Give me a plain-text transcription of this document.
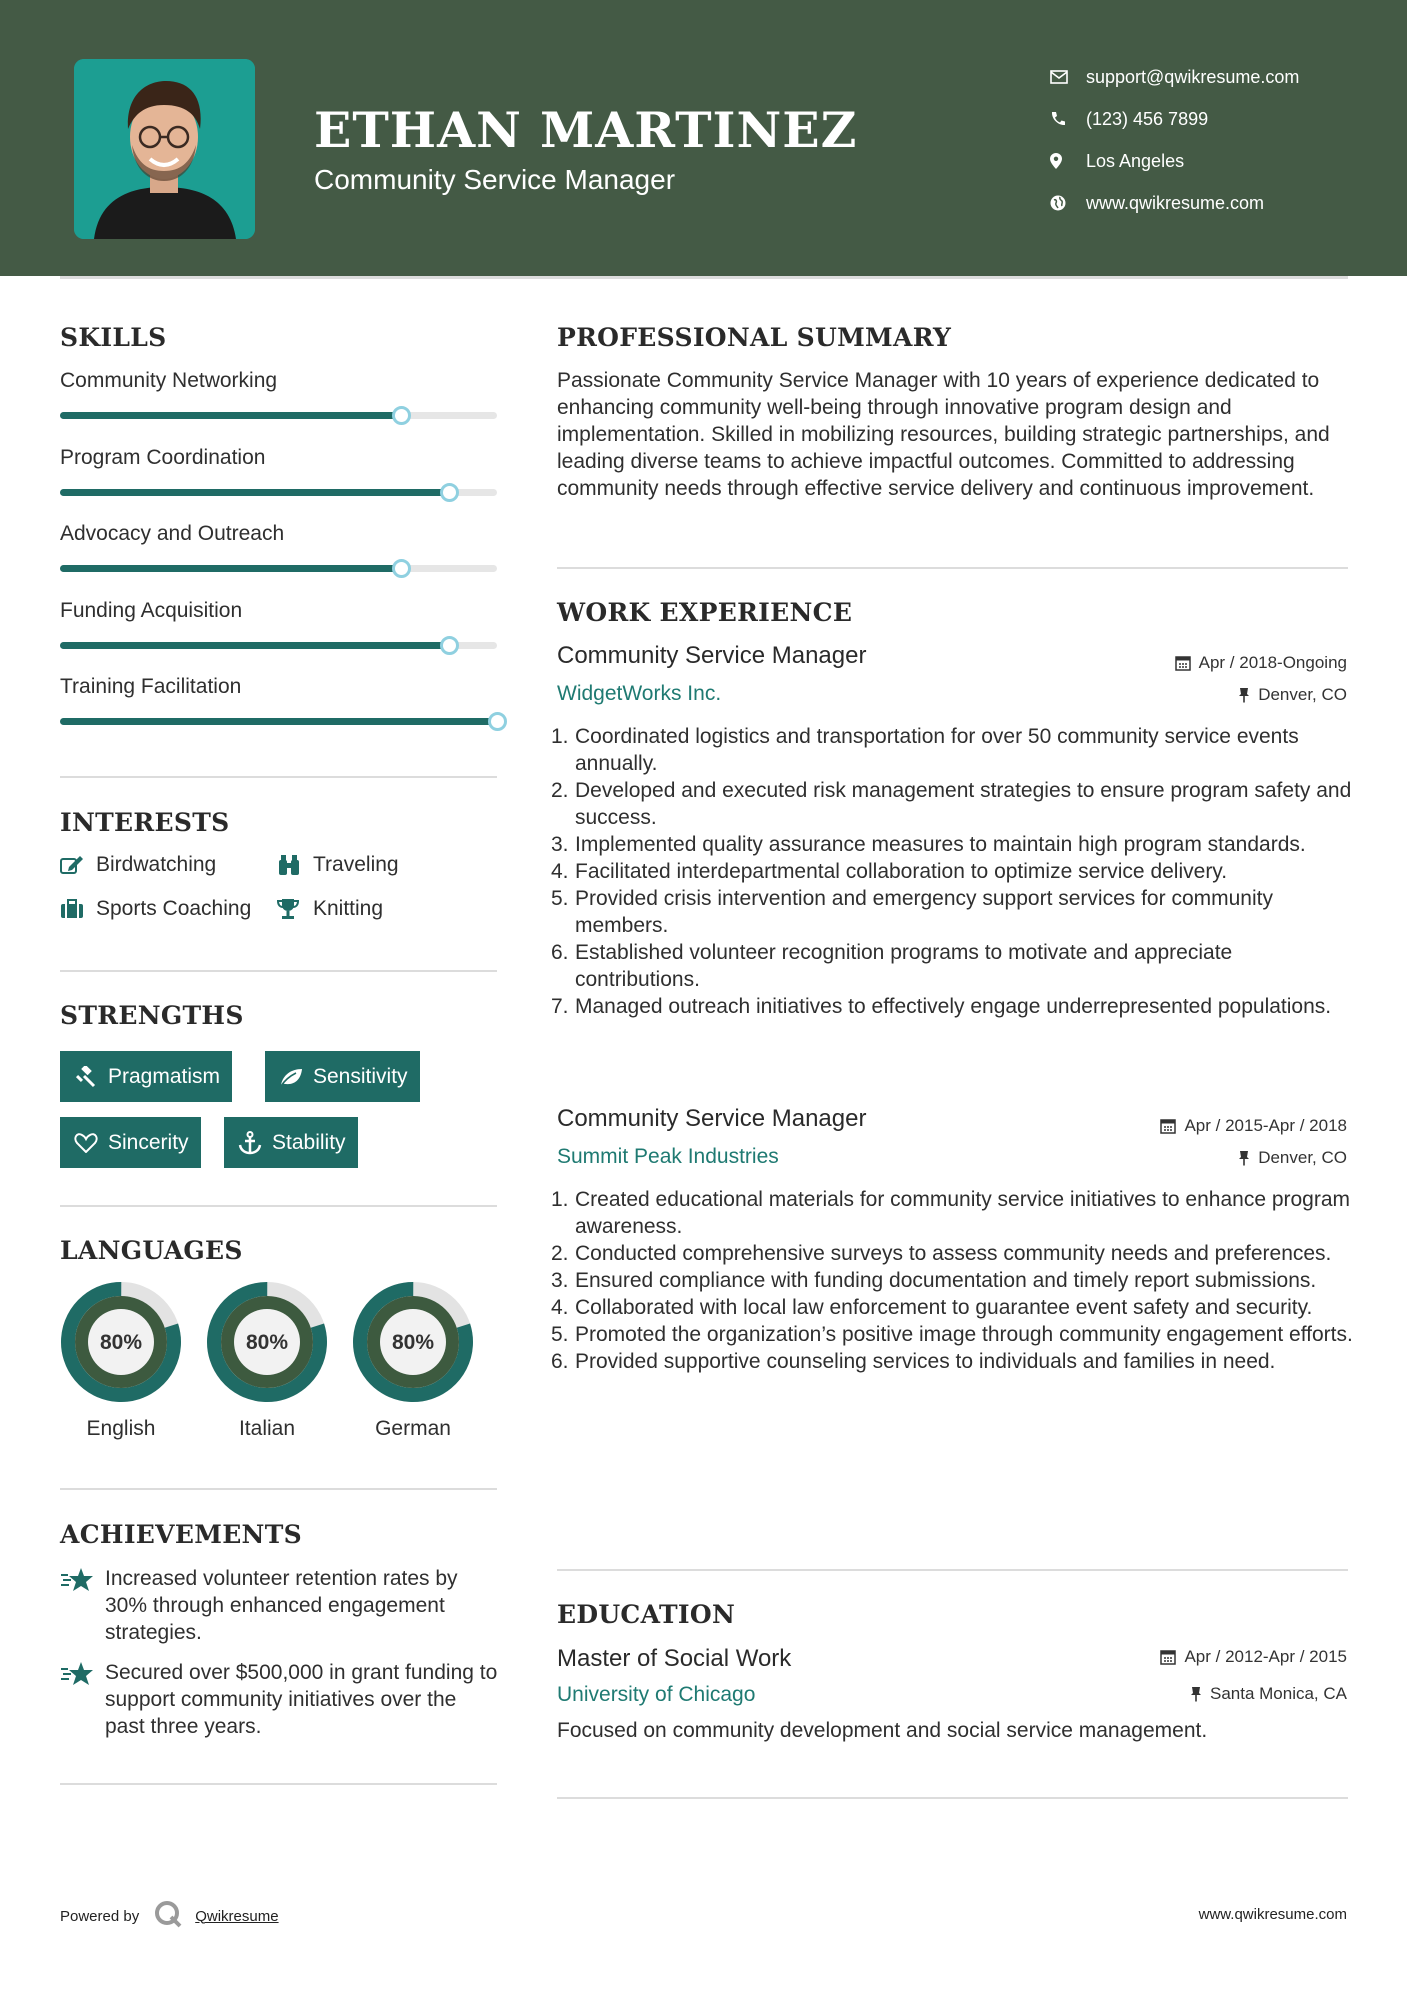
ETHAN MARTINEZ
Community Service Manager
support@qwikresume.com
(123) 456 7899
Los Angeles
www.qwikresume.com
SKILLS
Community Networking
Program Coordination
Advocacy and Outreach
Funding Acquisition
Training Facilitation
INTERESTS
Birdwatching	Traveling
Sports Coaching	Knitting
STRENGTHS
Pragmatism	Sensitivity
Sincerity	Stability
LANGUAGES
80%
English
80%
Italian
80%
German
ACHIEVEMENTS
Increased volunteer retention rates by 30% through enhanced engagement strategies.
Secured over $500,000 in grant funding to support community initiatives over the past three years.
PROFESSIONAL SUMMARY
Passionate Community Service Manager with 10 years of experience dedicated to enhancing community well-being through innovative program design and implementation. Skilled in mobilizing resources, building strategic partnerships, and leading diverse teams to achieve impactful outcomes. Committed to addressing community needs through effective service delivery and continuous improvement.
WORK EXPERIENCE
Community Service Manager
WidgetWorks Inc.
Apr / 2018-Ongoing
Denver, CO
1. Coordinated logistics and transportation for over 50 community service events annually.
2. Developed and executed risk management strategies to ensure program safety and success.
3. Implemented quality assurance measures to maintain high program standards.
4. Facilitated interdepartmental collaboration to optimize service delivery.
5. Provided crisis intervention and emergency support services for community members.
6. Established volunteer recognition programs to motivate and appreciate contributions.
7. Managed outreach initiatives to effectively engage underrepresented populations.
Community Service Manager
Summit Peak Industries
Apr / 2015-Apr / 2018
Denver, CO
1. Created educational materials for community service initiatives to enhance program awareness.
2. Conducted comprehensive surveys to assess community needs and preferences.
3. Ensured compliance with funding documentation and timely report submissions.
4. Collaborated with local law enforcement to guarantee event safety and security.
5. Promoted the organization’s positive image through community engagement efforts.
6. Provided supportive counseling services to individuals and families in need.
EDUCATION
Master of Social Work
University of Chicago
Apr / 2012-Apr / 2015
Santa Monica, CA
Focused on community development and social service management.
Powered by	Qwikresume	www.qwikresume.com
